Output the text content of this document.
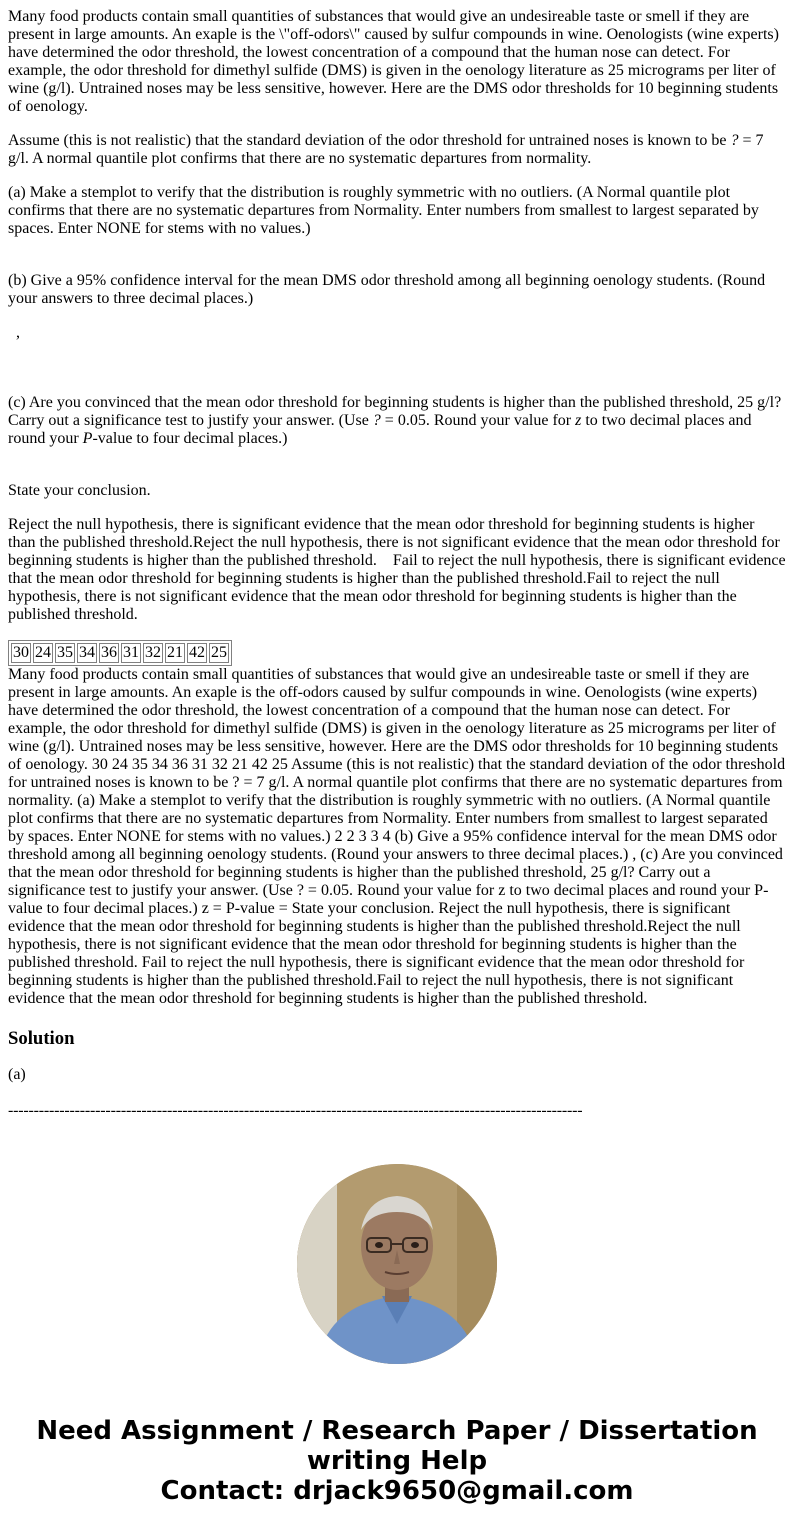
Many food products contain small quantities of substances that would give an undesireable taste or smell if they are present in large amounts. An exaple is the \"off-odors\" caused by sulfur compounds in wine. Oenologists (wine experts) have determined the odor threshold, the lowest concentration of a compound that the human nose can detect. For example, the odor threshold for dimethyl sulfide (DMS) is given in the oenology literature as 25 micrograms per liter of wine (g/l). Untrained noses may be less sensitive, however. Here are the DMS odor thresholds for 10 beginning students of oenology.

Assume (this is not realistic) that the standard deviation of the odor threshold for untrained noses is known to be ? = 7 g/l. A normal quantile plot confirms that there are no systematic departures from normality.

(a) Make a stemplot to verify that the distribution is roughly symmetric with no outliers. (A Normal quantile plot confirms that there are no systematic departures from Normality. Enter numbers from smallest to largest separated by spaces. Enter NONE for stems with no values.)

(b) Give a 95% confidence interval for the mean DMS odor threshold among all beginning oenology students. (Round your answers to three decimal places.)

,

(c) Are you convinced that the mean odor threshold for beginning students is higher than the published threshold, 25 g/l? Carry out a significance test to justify your answer. (Use ? = 0.05. Round your value for z to two decimal places and round your P-value to four decimal places.)

State your conclusion.

Reject the null hypothesis, there is significant evidence that the mean odor threshold for beginning students is higher than the published threshold.Reject the null hypothesis, there is not significant evidence that the mean odor threshold for beginning students is higher than the published threshold.    Fail to reject the null hypothesis, there is significant evidence that the mean odor threshold for beginning students is higher than the published threshold.Fail to reject the null hypothesis, there is not significant evidence that the mean odor threshold for beginning students is higher than the published threshold.

30	24	35	34	36	31	32	21	42	25

Many food products contain small quantities of substances that would give an undesireable taste or smell if they are present in large amounts. An exaple is the off-odors caused by sulfur compounds in wine. Oenologists (wine experts) have determined the odor threshold, the lowest concentration of a compound that the human nose can detect. For example, the odor threshold for dimethyl sulfide (DMS) is given in the oenology literature as 25 micrograms per liter of wine (g/l). Untrained noses may be less sensitive, however. Here are the DMS odor thresholds for 10 beginning students of oenology. 30 24 35 34 36 31 32 21 42 25 Assume (this is not realistic) that the standard deviation of the odor threshold for untrained noses is known to be ? = 7 g/l. A normal quantile plot confirms that there are no systematic departures from normality. (a) Make a stemplot to verify that the distribution is roughly symmetric with no outliers. (A Normal quantile plot confirms that there are no systematic departures from Normality. Enter numbers from smallest to largest separated by spaces. Enter NONE for stems with no values.) 2 2 3 3 4 (b) Give a 95% confidence interval for the mean DMS odor threshold among all beginning oenology students. (Round your answers to three decimal places.) , (c) Are you convinced that the mean odor threshold for beginning students is higher than the published threshold, 25 g/l? Carry out a significance test to justify your answer. (Use ? = 0.05. Round your value for z to two decimal places and round your P-value to four decimal places.) z = P-value = State your conclusion. Reject the null hypothesis, there is significant evidence that the mean odor threshold for beginning students is higher than the published threshold.Reject the null hypothesis, there is not significant evidence that the mean odor threshold for beginning students is higher than the published threshold. Fail to reject the null hypothesis, there is significant evidence that the mean odor threshold for beginning students is higher than the published threshold.Fail to reject the null hypothesis, there is not significant evidence that the mean odor threshold for beginning students is higher than the published threshold.

Solution

(a)

----------------------------------------------------------------------------------------------------------------

Need Assignment / Research Paper / Dissertation writing Help
Contact: drjack9650@gmail.com
